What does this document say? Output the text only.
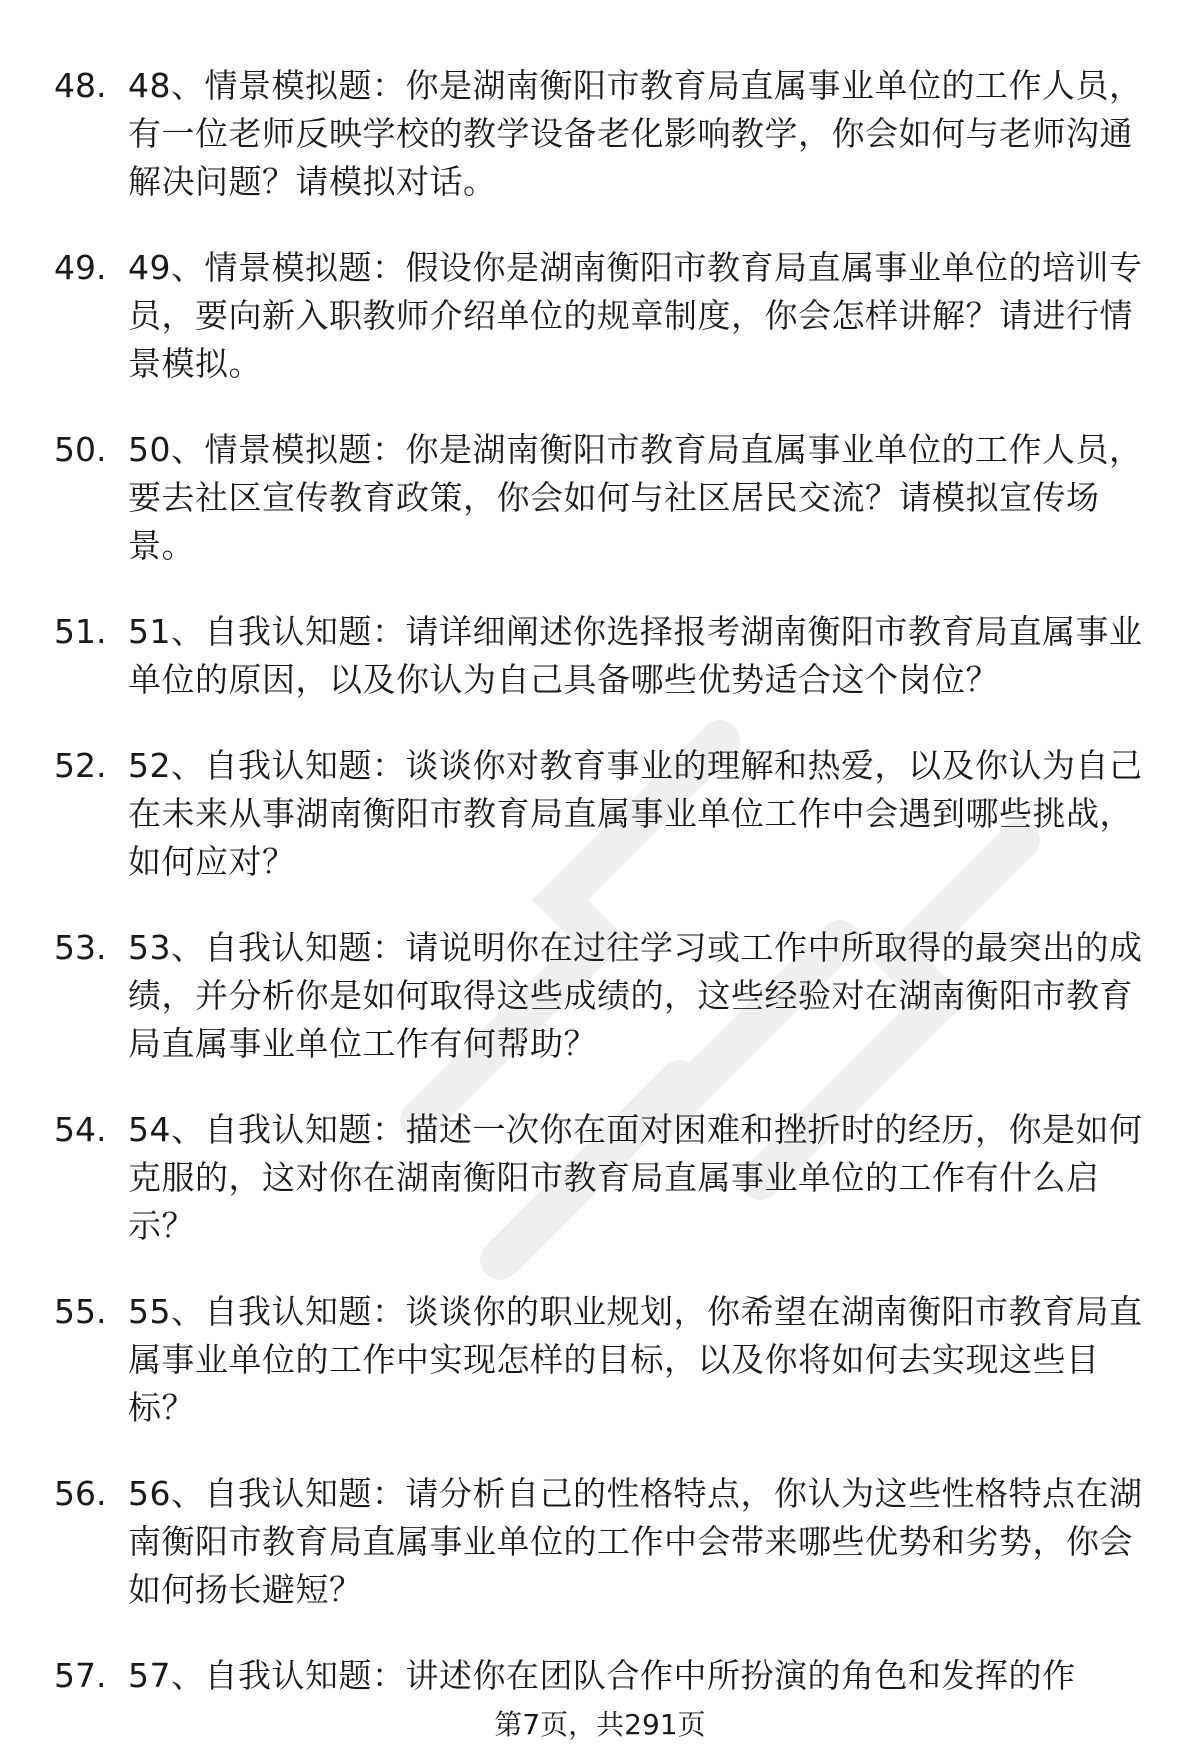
48. 48、情景模拟题：你是湖南衡阳市教育局直属事业单位的工作人员，有一位老师反映学校的教学设备老化影响教学，你会如何与老师沟通解决问题？请模拟对话。
49. 49、情景模拟题：假设你是湖南衡阳市教育局直属事业单位的培训专员，要向新入职教师介绍单位的规章制度，你会怎样讲解？请进行情景模拟。
50. 50、情景模拟题：你是湖南衡阳市教育局直属事业单位的工作人员，要去社区宣传教育政策，你会如何与社区居民交流？请模拟宣传场景。
51. 51、自我认知题：请详细阐述你选择报考湖南衡阳市教育局直属事业单位的原因，以及你认为自己具备哪些优势适合这个岗位？
52. 52、自我认知题：谈谈你对教育事业的理解和热爱，以及你认为自己在未来从事湖南衡阳市教育局直属事业单位工作中会遇到哪些挑战，如何应对？
53. 53、自我认知题：请说明你在过往学习或工作中所取得的最突出的成绩，并分析你是如何取得这些成绩的，这些经验对在湖南衡阳市教育局直属事业单位工作有何帮助？
54. 54、自我认知题：描述一次你在面对困难和挫折时的经历，你是如何克服的，这对你在湖南衡阳市教育局直属事业单位的工作有什么启示？
55. 55、自我认知题：谈谈你的职业规划，你希望在湖南衡阳市教育局直属事业单位的工作中实现怎样的目标，以及你将如何去实现这些目标？
56. 56、自我认知题：请分析自己的性格特点，你认为这些性格特点在湖南衡阳市教育局直属事业单位的工作中会带来哪些优势和劣势，你会如何扬长避短？
57. 57、自我认知题：讲述你在团队合作中所扮演的角色和发挥的作
第7页，共291页
